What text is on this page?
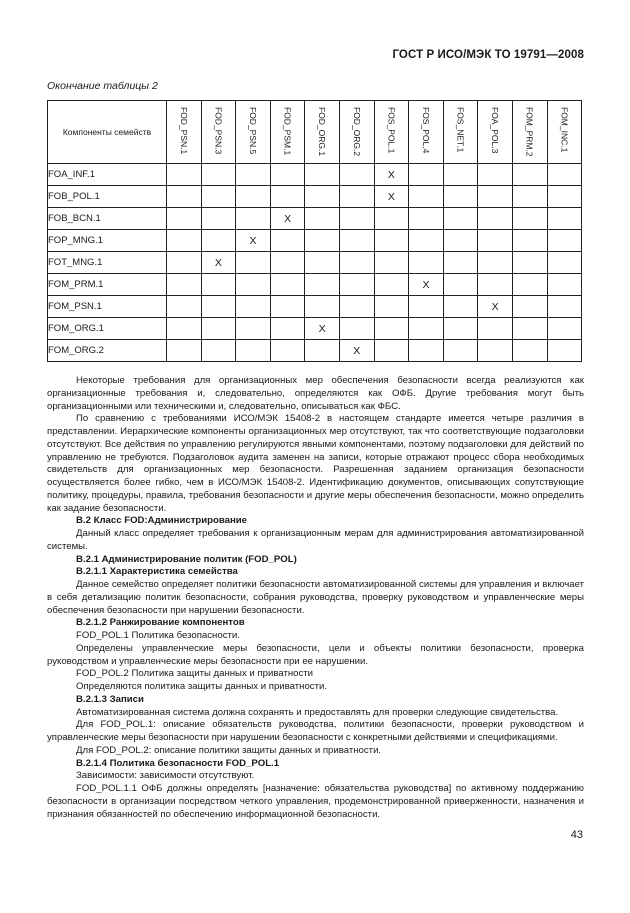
ГОСТ Р ИСО/МЭК ТО 19791—2008
Окончание таблицы 2
Компоненты семейств	FOD_PSN.1	FOD_PSN.3	FOD_PSN.5	FOD_PSM.1	FOD_ORG.1	FOD_ORG.2	FOS_POL.1	FOS_POL.4	FOS_NET.1	FOA_POL.3	FOM_PRM.2	FOM_INC.1

FOA_INF.1							X					
FOB_POL.1							X					
FOB_BCN.1				X								
FOP_MNG.1			X									
FOT_MNG.1		X										
FOM_PRM.1								X				
FOM_PSN.1										X		
FOM_ORG.1					X							
FOM_ORG.2						X						

Некоторые требования для организационных мер обеспечения безопасности всегда реализуются как организационные требования и, следовательно, определяются как ОФБ. Другие требования могут быть организационными или техническими и, следовательно, описываться как ФБС.

По сравнению с требованиями ИСО/МЭК 15408-2 в настоящем стандарте имеется четыре различия в представлении. Иерархические компоненты организационных мер отсутствуют, так что соответствующие подзаголовки отсутствуют. Все действия по управлению регулируются явными компонентами, поэтому подзаголовки для действий по управлению не требуются. Подзаголовок аудита заменен на записи, которые отражают процесс сбора необходимых свидетельств для организационных мер безопасности. Разрешенная заданием организация безопасности осуществляется более гибко, чем в ИСО/МЭК 15408-2. Идентификацию документов, описывающих сопутствующие политику, процедуры, правила, требования безопасности и другие меры обеспечения безопасности, можно определить как задание безопасности.

В.2 Класс FOD:Администрирование

Данный класс определяет требования к организационным мерам для администрирования автоматизированной системы.

В.2.1 Администрирование политик (FOD_POL)

В.2.1.1 Характеристика семейства

Данное семейство определяет политики безопасности автоматизированной системы для управления и включает в себя детализацию политик безопасности, собрания руководства, проверку руководством и управленческие меры обеспечения безопасности при нарушении безопасности.

В.2.1.2 Ранжирование компонентов

FOD_POL.1 Политика безопасности.

Определены управленческие меры безопасности, цели и объекты политики безопасности, проверка руководством и управленческие меры безопасности при ее нарушении.

FOD_POL.2 Политика защиты данных и приватности

Определяются политика защиты данных и приватности.

В.2.1.3 Записи

Автоматизированная система должна сохранять и предоставлять для проверки следующие свидетельства.

Для FOD_POL.1: описание обязательств руководства, политики безопасности, проверки руководством и управленческие меры безопасности при нарушении безопасности с конкретными действиями и спецификациями.

Для FOD_POL.2: описание политики защиты данных и приватности.

В.2.1.4 Политика безопасности FOD_POL.1

Зависимости: зависимости отсутствуют.

FOD_POL.1.1 ОФБ должны определять [назначение: обязательства руководства] по активному поддержанию безопасности в организации посредством четкого управления, продемонстрированной приверженности, назначения и признания обязанностей по обеспечению информационной безопасности.

43
